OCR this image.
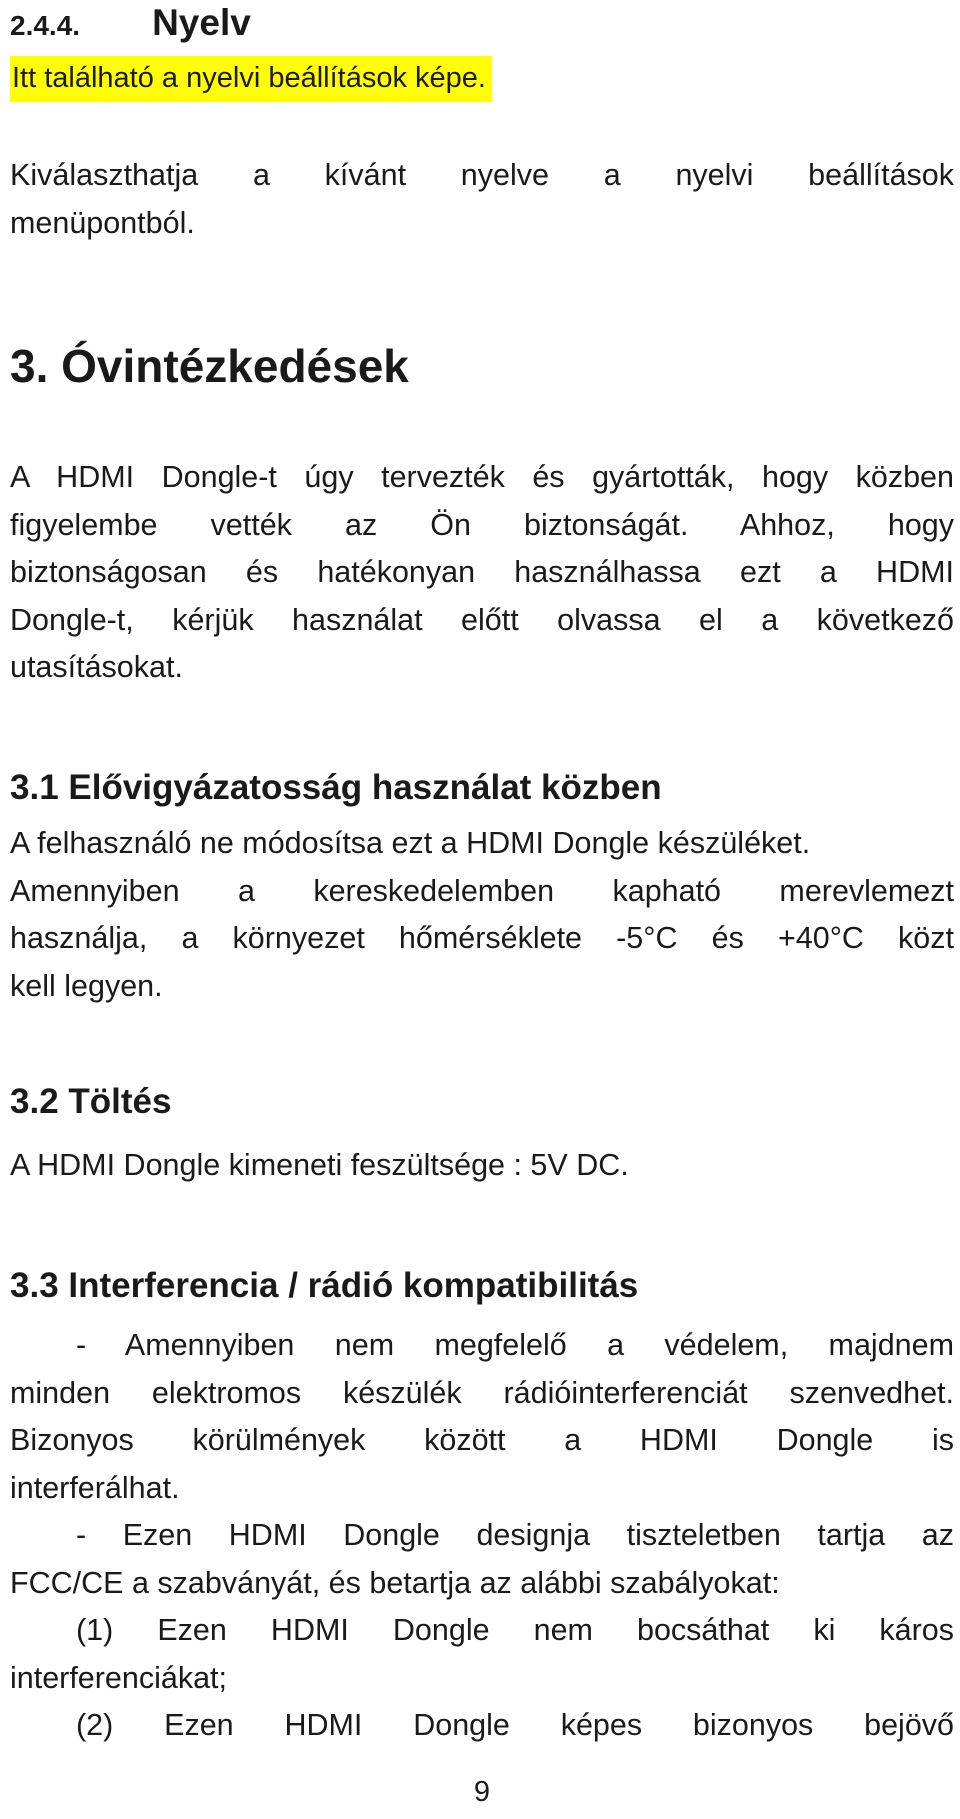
2.4.4. Nyelv
Itt található a nyelvi beállítások képe.
Kiválaszthatja a kívánt nyelve a nyelvi beállítások
menüpontból.
3. Óvintézkedések
A HDMI Dongle-t úgy tervezték és gyártották, hogy közben
figyelembe vették az Ön biztonságát. Ahhoz, hogy
biztonságosan és hatékonyan használhassa ezt a HDMI
Dongle-t, kérjük használat előtt olvassa el a következő
utasításokat.
3.1 Elővigyázatosság használat közben
A felhasználó ne módosítsa ezt a HDMI Dongle készüléket.
Amennyiben a kereskedelemben kapható merevlemezt
használja, a környezet hőmérséklete -5°C és +40°C közt
kell legyen.
3.2 Töltés
A HDMI Dongle kimeneti feszültsége : 5V DC.
3.3 Interferencia / rádió kompatibilitás
- Amennyiben nem megfelelő a védelem, majdnem
minden elektromos készülék rádióinterferenciát szenvedhet.
Bizonyos körülmények között a HDMI Dongle is
interferálhat.
- Ezen HDMI Dongle designja tiszteletben tartja az
FCC/CE a szabványát, és betartja az alábbi szabályokat:
(1) Ezen HDMI Dongle nem bocsáthat ki káros
interferenciákat;
(2) Ezen HDMI Dongle képes bizonyos bejövő
9
